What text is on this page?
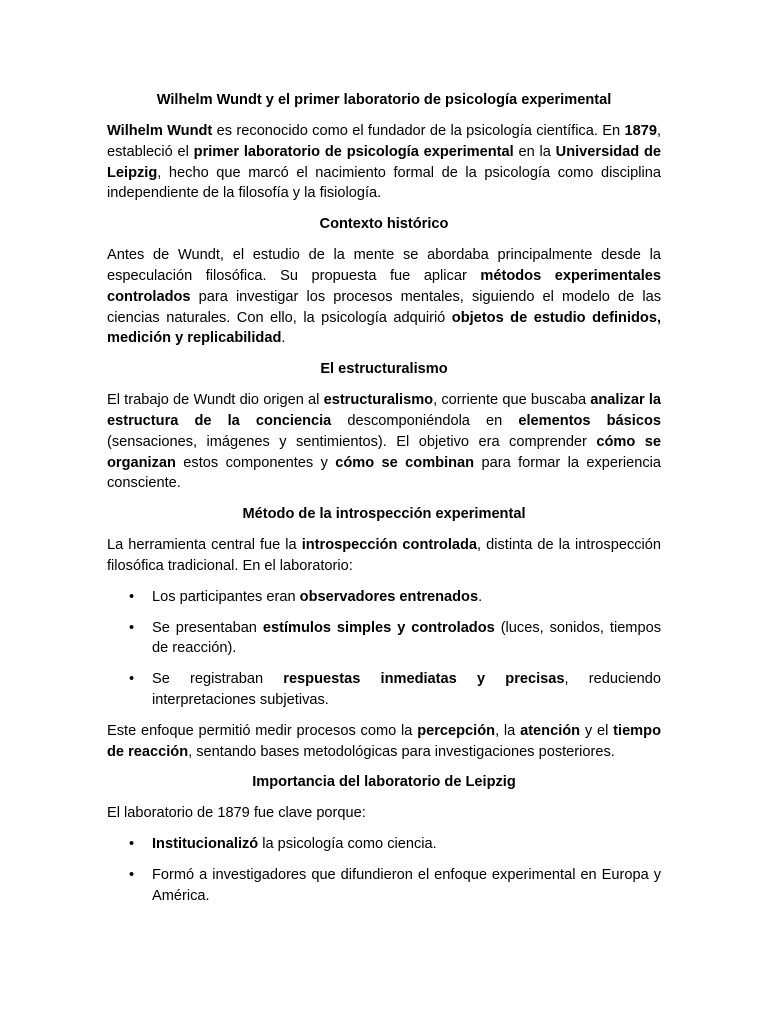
Wilhelm Wundt y el primer laboratorio de psicología experimental

Wilhelm Wundt es reconocido como el fundador de la psicología científica. En 1879, estableció el primer laboratorio de psicología experimental en la Universidad de Leipzig, hecho que marcó el nacimiento formal de la psicología como disciplina independiente de la filosofía y la fisiología.

Contexto histórico

Antes de Wundt, el estudio de la mente se abordaba principalmente desde la especulación filosófica. Su propuesta fue aplicar métodos experimentales controlados para investigar los procesos mentales, siguiendo el modelo de las ciencias naturales. Con ello, la psicología adquirió objetos de estudio definidos, medición y replicabilidad.

El estructuralismo

El trabajo de Wundt dio origen al estructuralismo, corriente que buscaba analizar la estructura de la conciencia descomponiéndola en elementos básicos (sensaciones, imágenes y sentimientos). El objetivo era comprender cómo se organizan estos componentes y cómo se combinan para formar la experiencia consciente.

Método de la introspección experimental

La herramienta central fue la introspección controlada, distinta de la introspección filosófica tradicional. En el laboratorio:

• Los participantes eran observadores entrenados.
• Se presentaban estímulos simples y controlados (luces, sonidos, tiempos de reacción).
• Se registraban respuestas inmediatas y precisas, reduciendo interpretaciones subjetivas.

Este enfoque permitió medir procesos como la percepción, la atención y el tiempo de reacción, sentando bases metodológicas para investigaciones posteriores.

Importancia del laboratorio de Leipzig

El laboratorio de 1879 fue clave porque:

• Institucionalizó la psicología como ciencia.
• Formó a investigadores que difundieron el enfoque experimental en Europa y América.
